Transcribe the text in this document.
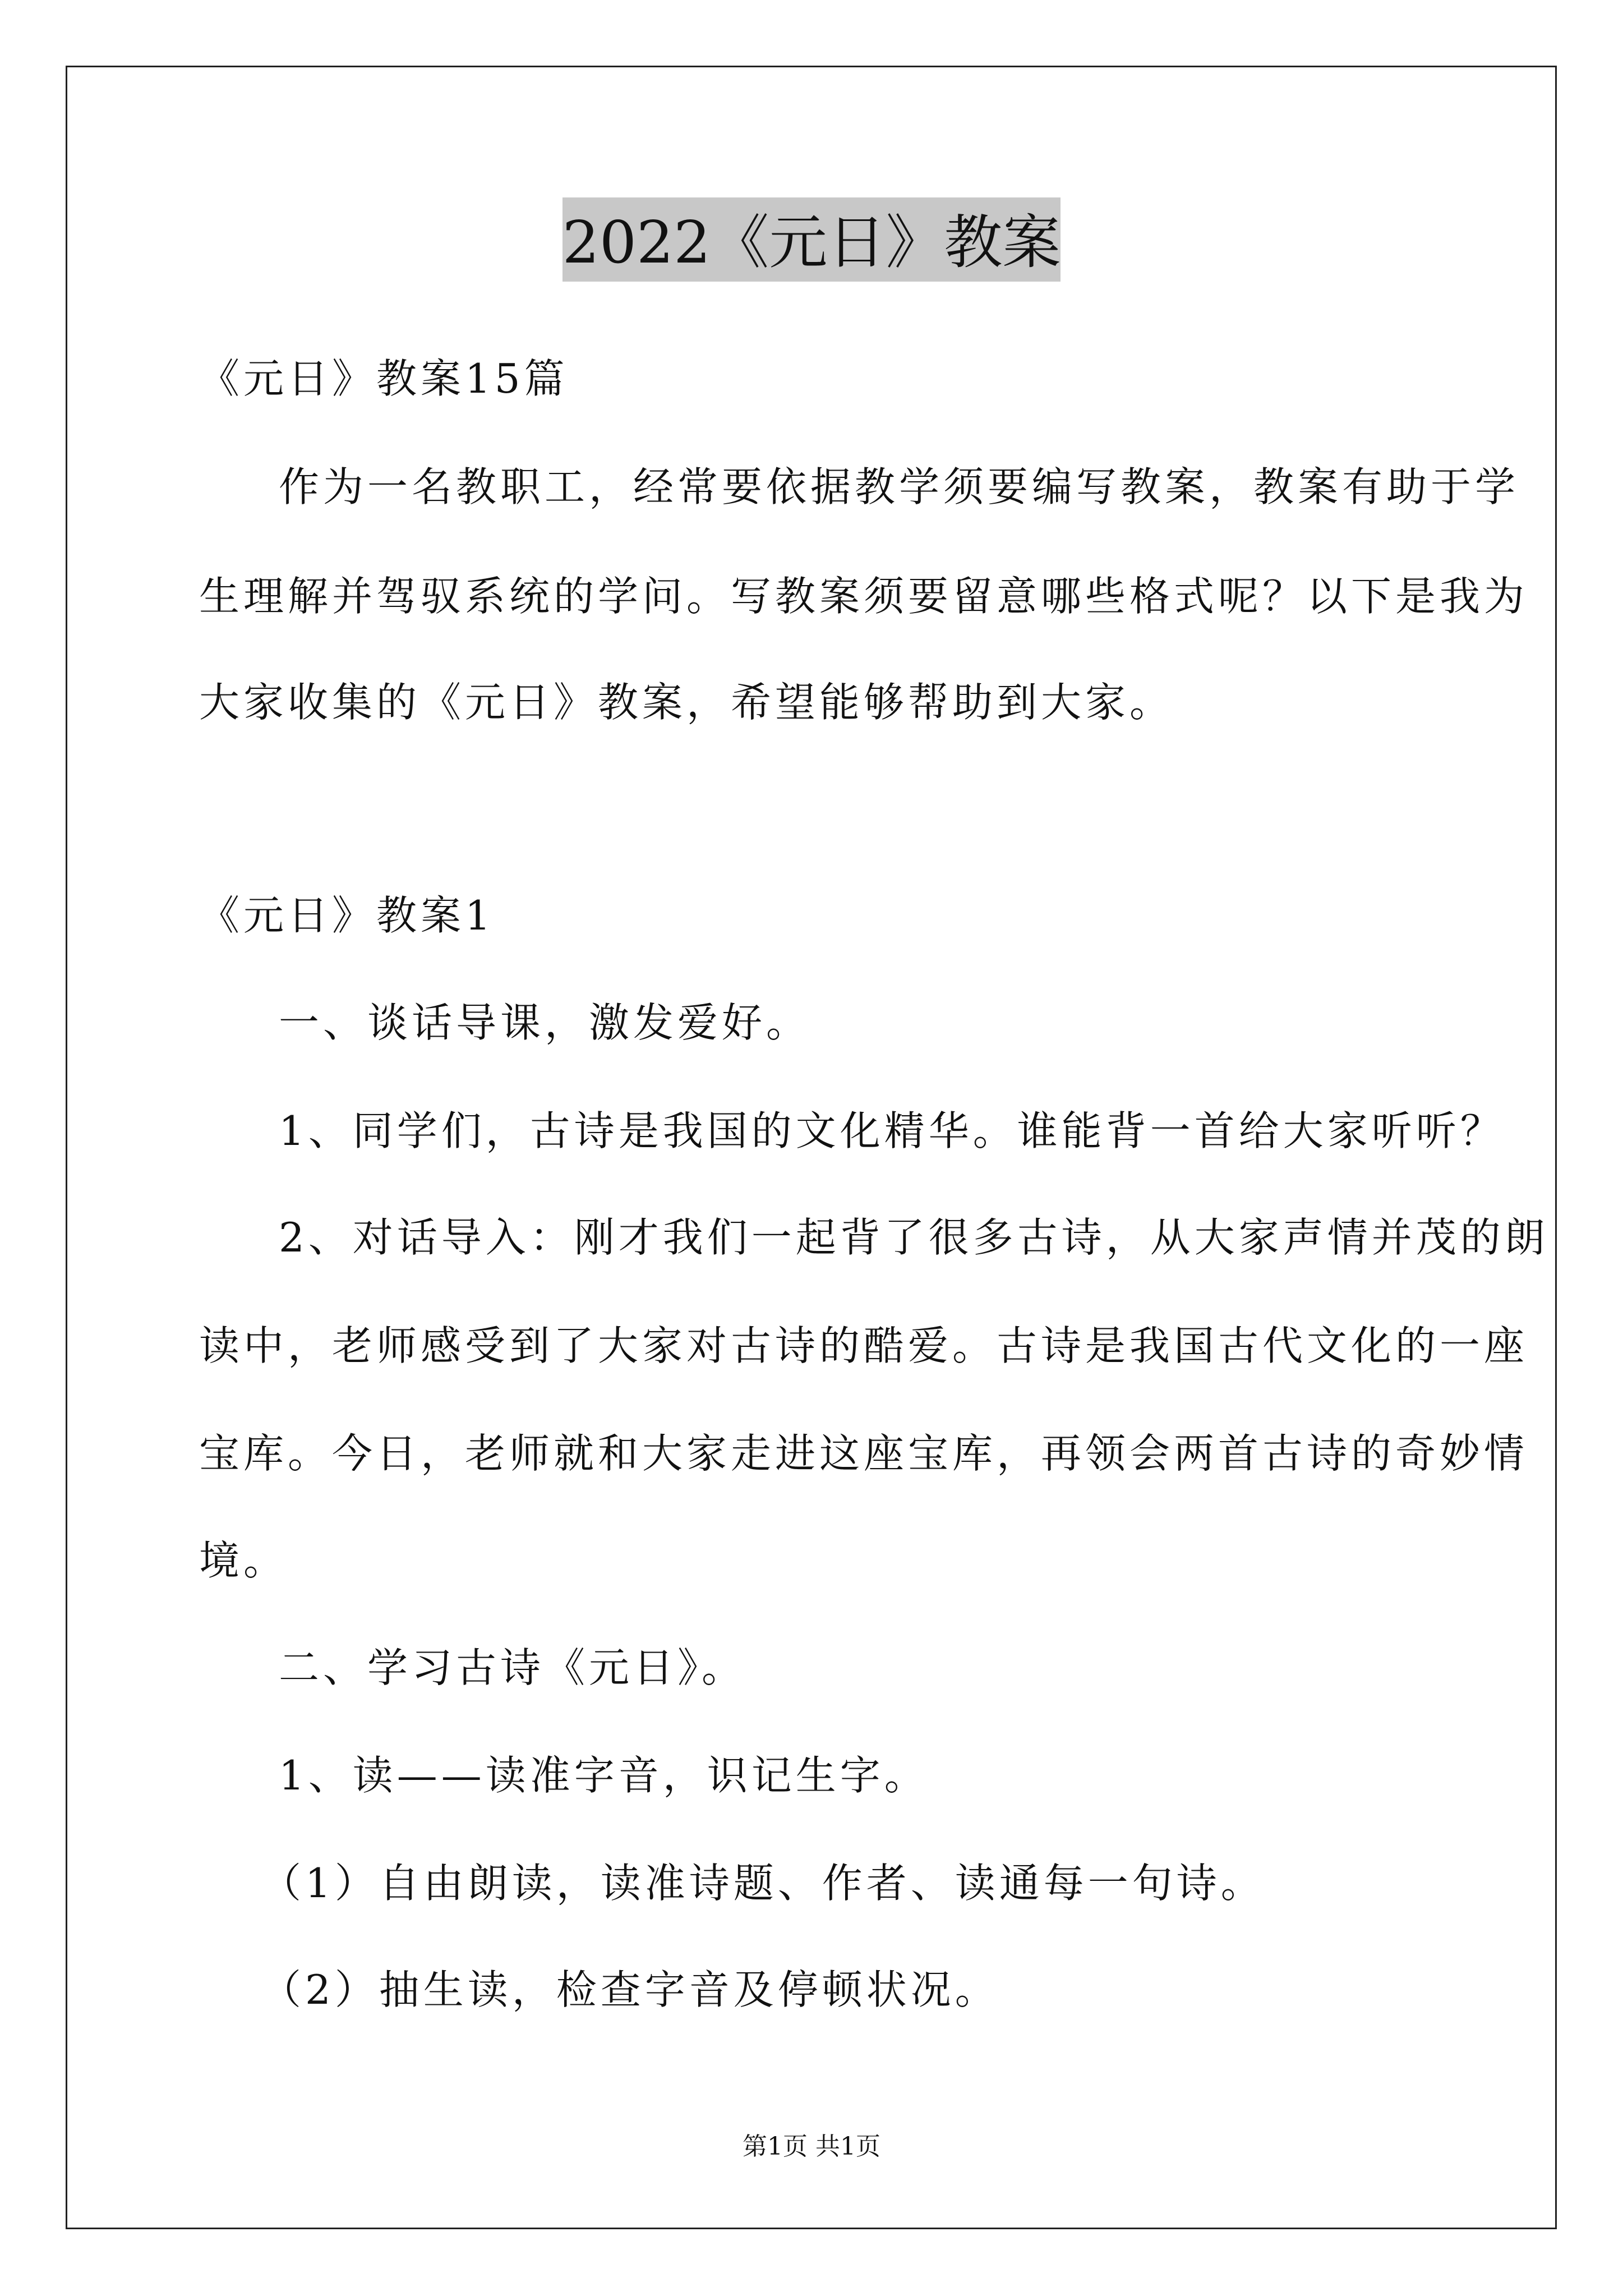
2022《元日》教案
《元日》教案15篇
作为一名教职工，经常要依据教学须要编写教案，教案有助于学
生理解并驾驭系统的学问。写教案须要留意哪些格式呢？以下是我为
大家收集的《元日》教案，希望能够帮助到大家。
《元日》教案1
一、谈话导课，激发爱好。
1、同学们，古诗是我国的文化精华。谁能背一首给大家听听？
2、对话导入：刚才我们一起背了很多古诗，从大家声情并茂的朗
读中，老师感受到了大家对古诗的酷爱。古诗是我国古代文化的一座
宝库。今日，老师就和大家走进这座宝库，再领会两首古诗的奇妙情
境。
二、学习古诗《元日》。
1、读——读准字音，识记生字。
（1）自由朗读，读准诗题、作者、读通每一句诗。
（2）抽生读，检查字音及停顿状况。
第1页 共1页
